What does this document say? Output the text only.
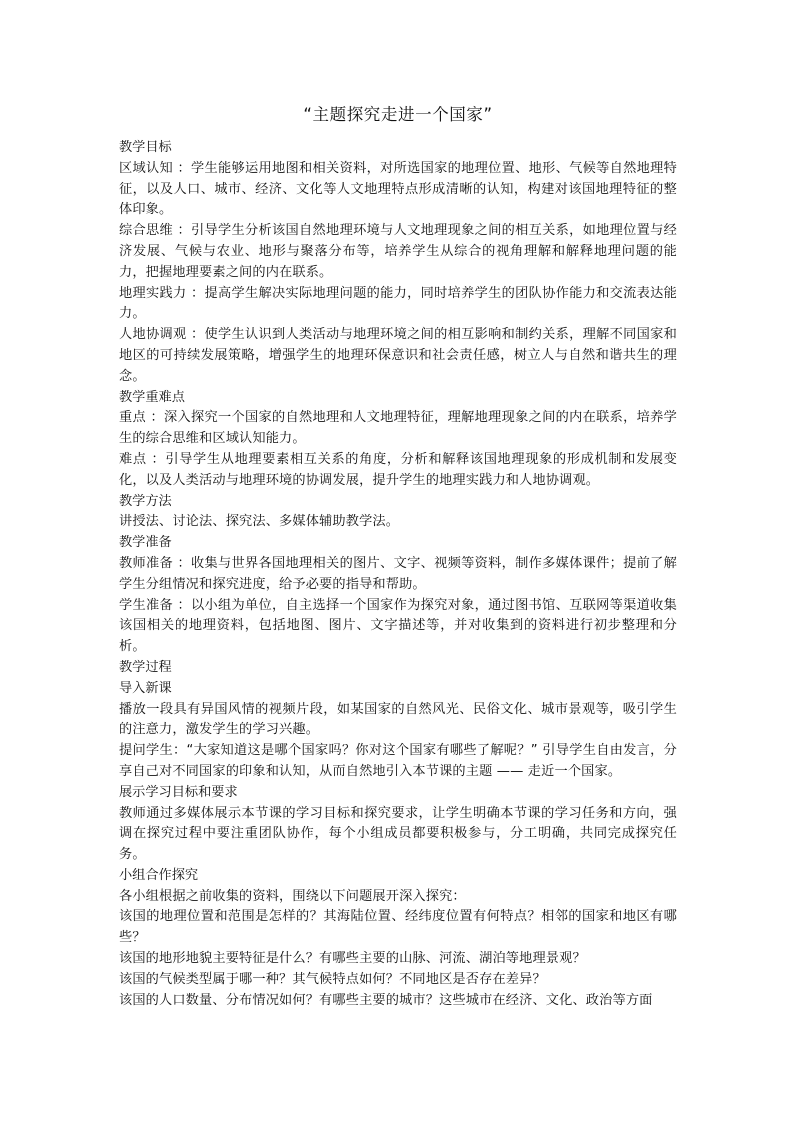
“主题探究走进一个国家”
教学目标
区域认知 ：学生能够运用地图和相关资料，对所选国家的地理位置、地形、气候等自然地理特征，以及人口、城市、经济、文化等人文地理特点形成清晰的认知，构建对该国地理特征的整体印象。
综合思维 ：引导学生分析该国自然地理环境与人文地理现象之间的相互关系，如地理位置与经济发展、气候与农业、地形与聚落分布等，培养学生从综合的视角理解和解释地理问题的能力，把握地理要素之间的内在联系。
地理实践力 ：提高学生解决实际地理问题的能力，同时培养学生的团队协作能力和交流表达能力。
人地协调观 ：使学生认识到人类活动与地理环境之间的相互影响和制约关系，理解不同国家和地区的可持续发展策略，增强学生的地理环保意识和社会责任感，树立人与自然和谐共生的理念。
教学重难点
重点 ：深入探究一个国家的自然地理和人文地理特征，理解地理现象之间的内在联系，培养学生的综合思维和区域认知能力。
难点 ：引导学生从地理要素相互关系的角度，分析和解释该国地理现象的形成机制和发展变化，以及人类活动与地理环境的协调发展，提升学生的地理实践力和人地协调观。
教学方法
讲授法、讨论法、探究法、多媒体辅助教学法。
教学准备
教师准备 ：收集与世界各国地理相关的图片、文字、视频等资料，制作多媒体课件；提前了解学生分组情况和探究进度，给予必要的指导和帮助。
学生准备 ：以小组为单位，自主选择一个国家作为探究对象，通过图书馆、互联网等渠道收集该国相关的地理资料，包括地图、图片、文字描述等，并对收集到的资料进行初步整理和分析。
教学过程
导入新课
播放一段具有异国风情的视频片段，如某国家的自然风光、民俗文化、城市景观等，吸引学生的注意力，激发学生的学习兴趣。
提问学生：“大家知道这是哪个国家吗？你对这个国家有哪些了解呢？” 引导学生自由发言，分享自己对不同国家的印象和认知，从而自然地引入本节课的主题 —— 走近一个国家。
展示学习目标和要求
教师通过多媒体展示本节课的学习目标和探究要求，让学生明确本节课的学习任务和方向，强调在探究过程中要注重团队协作，每个小组成员都要积极参与，分工明确，共同完成探究任务。
小组合作探究
各小组根据之前收集的资料，围绕以下问题展开深入探究：
该国的地理位置和范围是怎样的？其海陆位置、经纬度位置有何特点？相邻的国家和地区有哪些？
该国的地形地貌主要特征是什么？有哪些主要的山脉、河流、湖泊等地理景观？
该国的气候类型属于哪一种？其气候特点如何？不同地区是否存在差异？
该国的人口数量、分布情况如何？有哪些主要的城市？这些城市在经济、文化、政治等方面
